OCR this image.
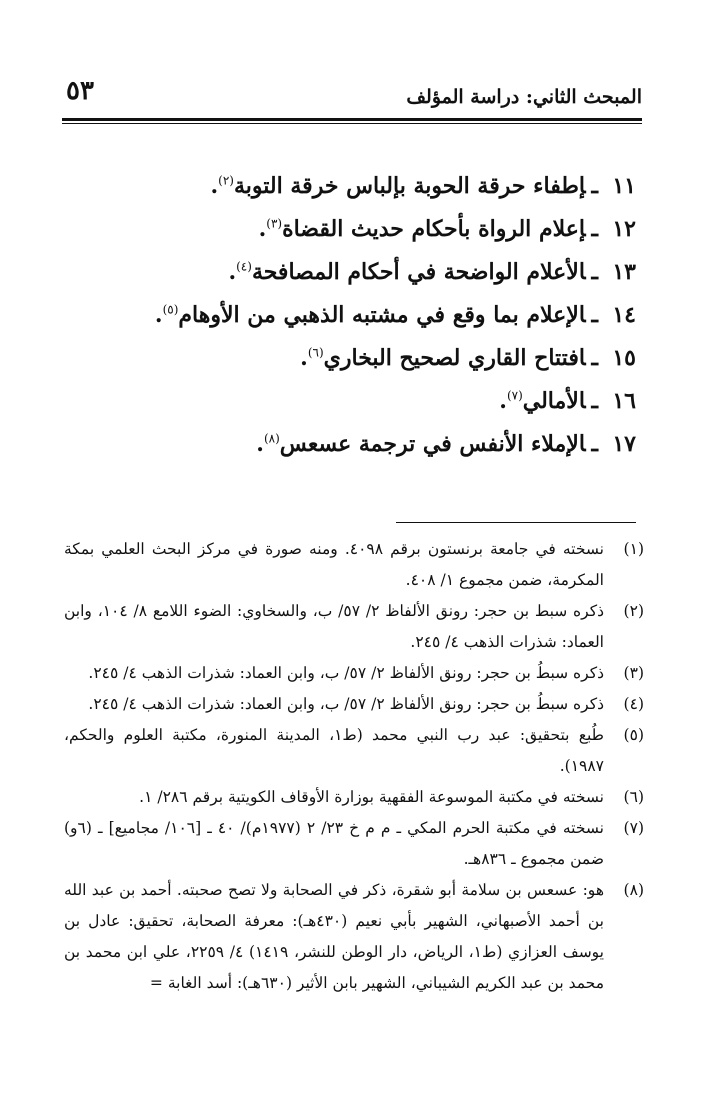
المبحث الثاني: دراسة المؤلف
٥٣
١١ـإطفاء حرقة الحوبة بإلباس خرقة التوبة$^{(٢)}$.
١٢ـإعلام الرواة بأحكام حديث القضاة$^{(٣)}$.
١٣ـالأعلام الواضحة في أحكام المصافحة$^{(٤)}$.
١٤ـالإعلام بما وقع في مشتبه الذهبي من الأوهام$^{(٥)}$.
١٥ـافتتاح القاري لصحيح البخاري$^{(٦)}$.
١٦ـالأمالي$^{(٧)}$.
١٧ـالإملاء الأنفس في ترجمة عسعس$^{(٨)}$.
(١)
نسخته في جامعة برنستون برقم ٤٠٩٨. ومنه صورة في مركز البحث العلمي بمكة المكرمة، ضمن مجموع ١/ ٤٠٨.
(٢)
ذكره سبط بن حجر: رونق الألفاظ ٢/ ٥٧/ ب، والسخاوي: الضوء اللامع ٨/ ١٠٤، وابن العماد: شذرات الذهب ٤/ ٢٤٥.
(٣)
ذكره سبطُ بن حجر: رونق الألفاظ ٢/ ٥٧/ ب، وابن العماد: شذرات الذهب ٤/ ٢٤٥.
(٤)
ذكره سبطُ بن حجر: رونق الألفاظ ٢/ ٥٧/ ب، وابن العماد: شذرات الذهب ٤/ ٢٤٥.
(٥)
طُبع بتحقيق: عبد رب النبي محمد (ط١، المدينة المنورة، مكتبة العلوم والحكم، ١٩٨٧).
(٦)
نسخته في مكتبة الموسوعة الفقهية بوزارة الأوقاف الكويتية برقم ٢٨٦/ ١.
(٧)
نسخته في مكتبة الحرم المكي ـ م م خ ٢٣/ ٢ (١٩٧٧م)/ ٤٠ ـ [١٠٦/ مجاميع] ـ (٦و) ضمن مجموع ـ ٨٣٦هـ.
(٨)
هو: عسعس بن سلامة أبو شقرة، ذكر في الصحابة ولا تصح صحبته. أحمد بن عبد الله بن أحمد الأصبهاني، الشهير بأبي نعيم (٤٣٠هـ): معرفة الصحابة، تحقيق: عادل بن يوسف العزازي (ط١، الرياض، دار الوطن للنشر، ١٤١٩) ٤/ ٢٢٥٩، علي ابن محمد بن محمد بن عبد الكريم الشيباني، الشهير بابن الأثير (٦٣٠هـ): أسد الغابة =
